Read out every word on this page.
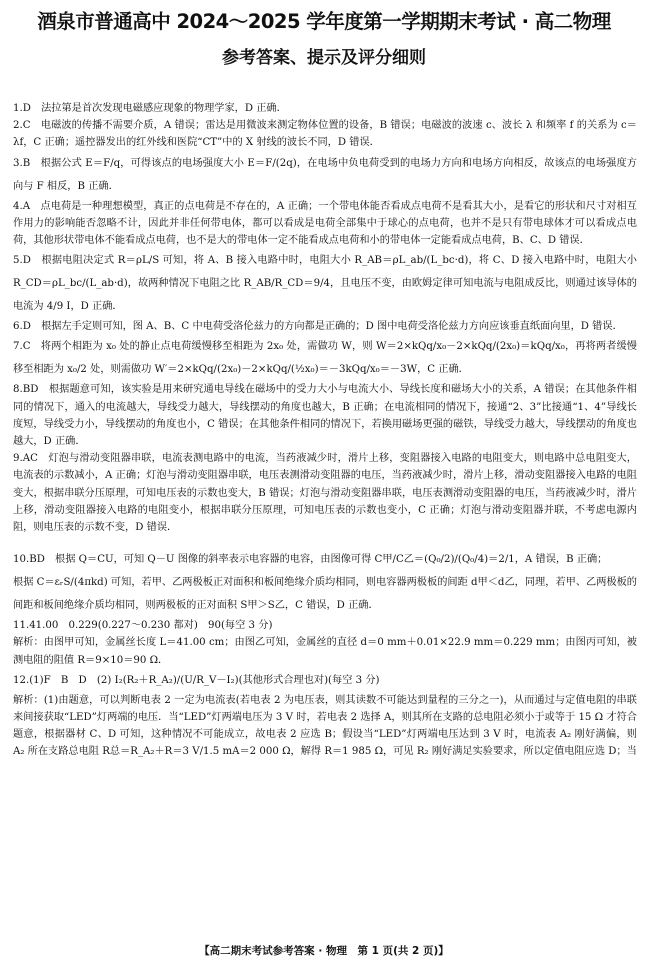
酒泉市普通高中 2024～2025 学年度第一学期期末考试 · 高二物理
参考答案、提示及评分细则

1.D　法拉第是首次发现电磁感应现象的物理学家，D 正确．

2.C　电磁波的传播不需要介质，A 错误；雷达是用微波来测定物体位置的设备，B 错误；电磁波的波速 c、波长 λ 和频率 f 的关系为 c＝λf，C 正确；遥控器发出的红外线和医院“CT”中的 X 射线的波长不同，D 错误．

3.B　根据公式 E＝F/q，可得该点的电场强度大小 E＝F/(2q)，在电场中负电荷受到的电场力方向和电场方向相反，故该点的电场强度方向与 F 相反，B 正确．

4.A　点电荷是一种理想模型，真正的点电荷是不存在的，A 正确；一个带电体能否看成点电荷不是看其大小，是看它的形状和尺寸对相互作用力的影响能否忽略不计，因此并非任何带电体，都可以看成是电荷全部集中于球心的点电荷，也并不是只有带电球体才可以看成点电荷，其他形状带电体不能看成点电荷，也不是大的带电体一定不能看成点电荷和小的带电体一定能看成点电荷，B、C、D 错误．

5.D　根据电阻决定式 R＝ρL/S 可知，将 A、B 接入电路中时，电阻大小 R_AB＝ρL_ab/(L_bc·d)，将 C、D 接入电路中时，电阻大小 R_CD＝ρL_bc/(L_ab·d)，故两种情况下电阻之比 R_AB/R_CD＝9/4，且电压不变，由欧姆定律可知电流与电阻成反比，则通过该导体的电流为 4/9 I，D 正确．

6.D　根据左手定则可知，图 A、B、C 中电荷受洛伦兹力的方向都是正确的；D 图中电荷受洛伦兹力方向应该垂直纸面向里，D 错误．

7.C　将两个相距为 x₀ 处的静止点电荷缓慢移至相距为 2x₀ 处，需做功 W，则 W＝2×kQq/x₀－2×kQq/(2x₀)＝kQq/x₀，再将两者缓慢移至相距为 x₀/2 处，则需做功 W′＝2×kQq/(2x₀)－2×kQq/(½x₀)＝－3kQq/x₀＝－3W，C 正确．

8.BD　根据题意可知，该实验是用来研究通电导线在磁场中的受力大小与电流大小、导线长度和磁场大小的关系，A 错误；在其他条件相同的情况下，通入的电流越大，导线受力越大，导线摆动的角度也越大，B 正确；在电流相同的情况下，接通“2、3”比接通“1、4”导线长度短，导线受力小，导线摆动的角度也小，C 错误；在其他条件相同的情况下，若换用磁场更强的磁铁，导线受力越大，导线摆动的角度也越大，D 正确．

9.AC　灯泡与滑动变阻器串联，电流表测电路中的电流，当药液减少时，滑片上移，变阻器接入电路的电阻变大，则电路中总电阻变大，电流表的示数减小，A 正确；灯泡与滑动变阻器串联，电压表测滑动变阻器的电压，当药液减少时，滑片上移，滑动变阻器接入电路的电阻变大，根据串联分压原理，可知电压表的示数也变大，B 错误；灯泡与滑动变阻器串联，电压表测滑动变阻器的电压，当药液减少时，滑片上移，滑动变阻器接入电路的电阻变小，根据串联分压原理，可知电压表的示数也变小，C 正确；灯泡与滑动变阻器并联，不考虑电源内阻，则电压表的示数不变，D 错误．

10.BD　根据 Q＝CU，可知 Q－U 图像的斜率表示电容器的电容，由图像可得 C甲/C乙＝(Q₀/2)/(Q₀/4)＝2/1，A 错误，B 正确；

根据 C＝εᵣS/(4πkd) 可知，若甲、乙两极板正对面积和板间绝缘介质均相同，则电容器两极板的间距 d甲＜d乙，同理，若甲、乙两极板的间距和板间绝缘介质均相同，则两极板的正对面积 S甲＞S乙，C 错误，D 正确．

11.41.00　0.229(0.227～0.230 都对)　90(每空 3 分)

解析：由图甲可知，金属丝长度 L＝41.00 cm；由图乙可知，金属丝的直径 d＝0 mm＋0.01×22.9 mm＝0.229 mm；由图丙可知，被测电阻的阻值 R＝9×10＝90 Ω．

12.(1)F　B　D　(2) I₂(R₂＋R_A₂)/(U/R_V－I₂)(其他形式合理也对)(每空 3 分)

解析：(1)由题意，可以判断电表 2 一定为电流表(若电表 2 为电压表，则其读数不可能达到量程的三分之一)，从而通过与定值电阻的串联来间接获取“LED”灯两端的电压．当“LED”灯两端电压为 3 V 时，若电表 2 选择 A，则其所在支路的总电阻必须小于或等于 15 Ω 才符合题意，根据器材 C、D 可知，这种情况不可能成立，故电表 2 应选 B；假设当“LED”灯两端电压达到 3 V 时，电流表 A₂ 刚好满偏，则 A₂ 所在支路总电阻 R总＝R_A₂＋R＝3 V/1.5 mA＝2 000 Ω，解得 R＝1 985 Ω，可见 R₂ 刚好满足实验要求，所以定值电阻应选 D；当

【高二期末考试参考答案 · 物理　第 1 页(共 2 页)】
